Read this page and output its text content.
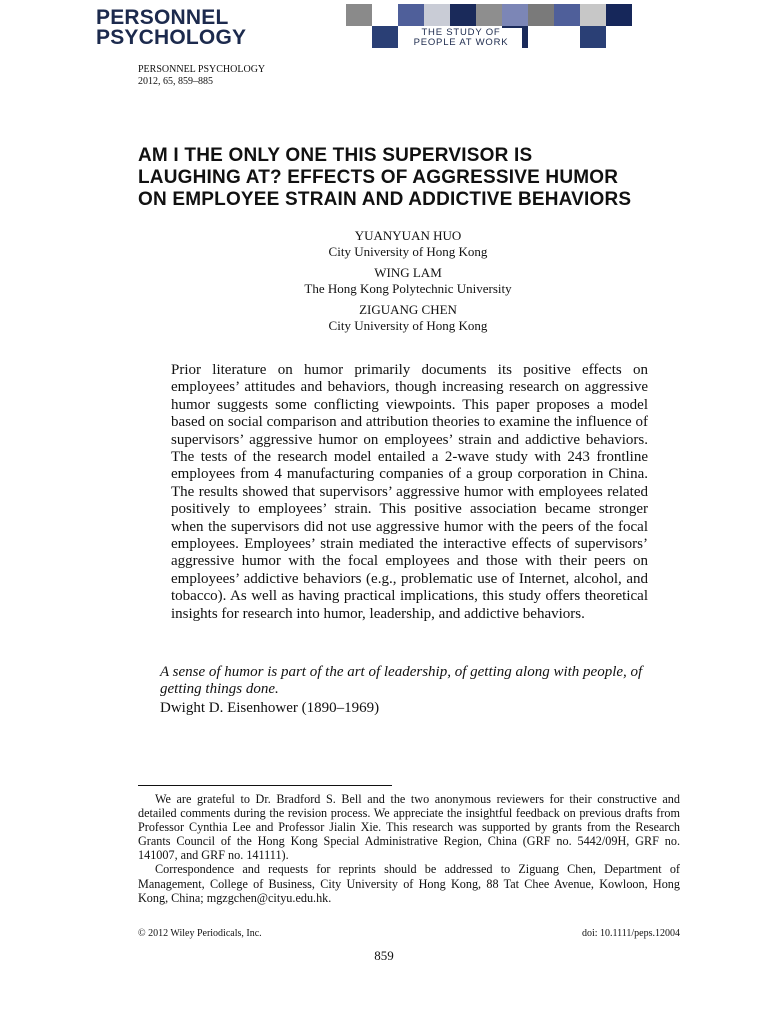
PERSONNEL
PSYCHOLOGY	THE STUDY OF
PEOPLE AT WORK
PERSONNEL PSYCHOLOGY
2012, 65, 859–885
AM I THE ONLY ONE THIS SUPERVISOR IS
LAUGHING AT? EFFECTS OF AGGRESSIVE HUMOR
ON EMPLOYEE STRAIN AND ADDICTIVE BEHAVIORS
YUANYUAN HUO
City University of Hong Kong
WING LAM
The Hong Kong Polytechnic University
ZIGUANG CHEN
City University of Hong Kong
Prior literature on humor primarily documents its positive effects on employees’ attitudes and behaviors, though increasing research on aggressive humor suggests some conflicting viewpoints. This paper proposes a model based on social comparison and attribution theories to examine the influence of supervisors’ aggressive humor on employees’ strain and addictive behaviors. The tests of the research model entailed a 2-wave study with 243 frontline employees from 4 manufacturing companies of a group corporation in China. The results showed that supervisors’ aggressive humor with employees related positively to employees’ strain. This positive association became stronger when the supervisors did not use aggressive humor with the peers of the focal employees. Employees’ strain mediated the interactive effects of supervisors’ aggressive humor with the focal employees and those with their peers on employees’ addictive behaviors (e.g., problematic use of Internet, alcohol, and tobacco). As well as having practical implications, this study offers theoretical insights for research into humor, leadership, and addictive behaviors.
A sense of humor is part of the art of leadership, of getting along with people, of getting things done.
Dwight D. Eisenhower (1890–1969)

We are grateful to Dr. Bradford S. Bell and the two anonymous reviewers for their constructive and detailed comments during the revision process. We appreciate the insightful feedback on previous drafts from Professor Cynthia Lee and Professor Jialin Xie. This research was supported by grants from the Research Grants Council of the Hong Kong Special Administrative Region, China (GRF no. 5442/09H, GRF no. 141007, and GRF no. 141111).

Correspondence and requests for reprints should be addressed to Ziguang Chen, Department of Management, College of Business, City University of Hong Kong, 88 Tat Chee Avenue, Kowloon, Hong Kong, China; mgzgchen@cityu.edu.hk.

© 2012 Wiley Periodicals, Inc.	doi: 10.1111/peps.12004
859
